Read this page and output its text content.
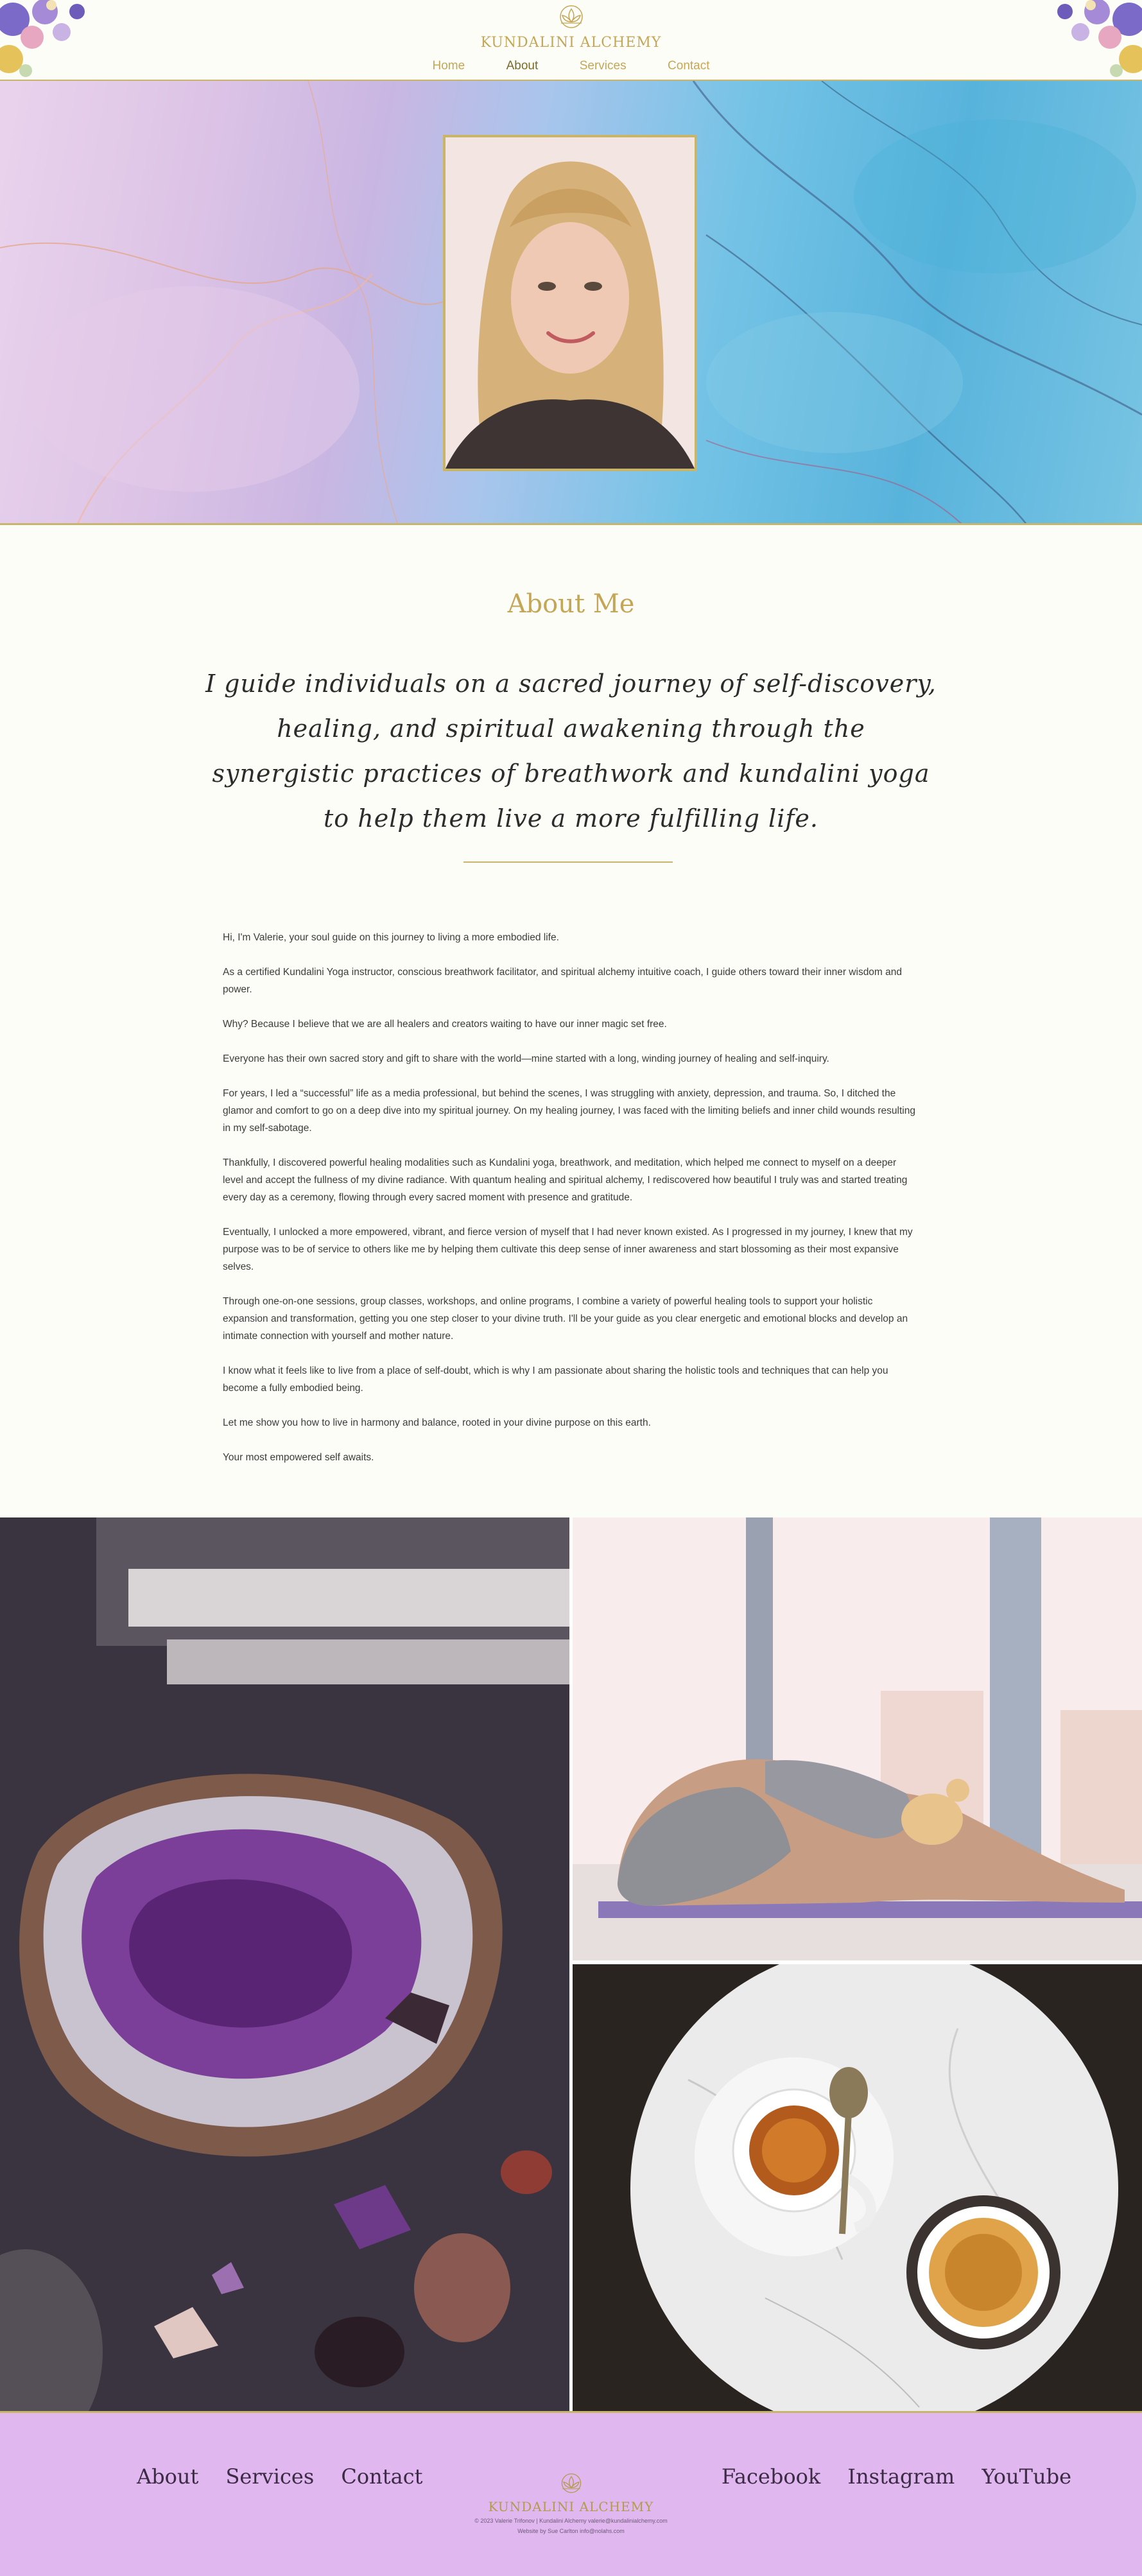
KUNDALINI ALCHEMY
Home	About	Services	Contact
About Me
I guide individuals on a sacred journey of self-discovery, healing, and spiritual awakening through the synergistic practices of breathwork and kundalini yoga to help them live a more fulfilling life.

Hi, I'm Valerie, your soul guide on this journey to living a more embodied life.

As a certified Kundalini Yoga instructor, conscious breathwork facilitator, and spiritual alchemy intuitive coach, I guide others toward their inner wisdom and power.

Why? Because I believe that we are all healers and creators waiting to have our inner magic set free.

Everyone has their own sacred story and gift to share with the world—mine started with a long, winding journey of healing and self-inquiry.

For years, I led a “successful” life as a media professional, but behind the scenes, I was struggling with anxiety, depression, and trauma. So, I ditched the glamor and comfort to go on a deep dive into my spiritual journey. On my healing journey, I was faced with the limiting beliefs and inner child wounds resulting in my self-sabotage.

Thankfully, I discovered powerful healing modalities such as Kundalini yoga, breathwork, and meditation, which helped me connect to myself on a deeper level and accept the fullness of my divine radiance. With quantum healing and spiritual alchemy, I rediscovered how beautiful I truly was and started treating every day as a ceremony, flowing through every sacred moment with presence and gratitude.

Eventually, I unlocked a more empowered, vibrant, and fierce version of myself that I had never known existed. As I progressed in my journey, I knew that my purpose was to be of service to others like me by helping them cultivate this deep sense of inner awareness and start blossoming as their most expansive selves.

Through one-on-one sessions, group classes, workshops, and online programs, I combine a variety of powerful healing tools to support your holistic expansion and transformation, getting you one step closer to your divine truth. I'll be your guide as you clear energetic and emotional blocks and develop an intimate connection with yourself and mother nature.

I know what it feels like to live from a place of self-doubt, which is why I am passionate about sharing the holistic tools and techniques that can help you become a fully embodied being.

Let me show you how to live in harmony and balance, rooted in your divine purpose on this earth.

Your most empowered self awaits.

About Services Contact
KUNDALINI ALCHEMY
© 2023 Valerie Trifonov | Kundalini Alchemy valerie@kundalinialchemy.com
Website by Sue Carlton info@nolahs.com
Facebook Instagram YouTube
